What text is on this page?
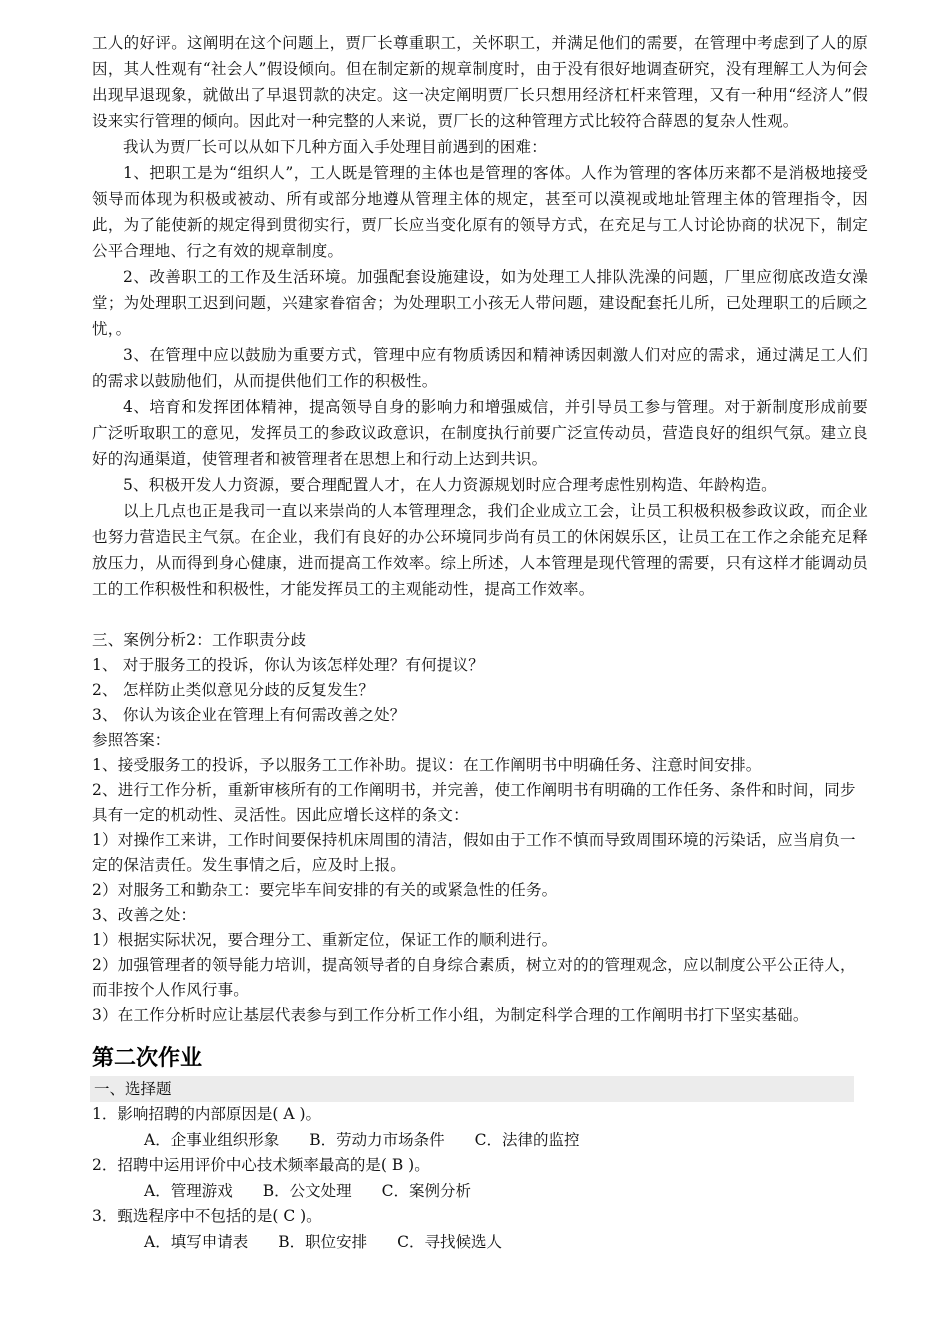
工人的好评。这阐明在这个问题上，贾厂长尊重职工，关怀职工，并满足他们的需要，在管理中考虑到了人的原因，其人性观有“社会人”假设倾向。但在制定新的规章制度时，由于没有很好地调查研究，没有理解工人为何会出现早退现象，就做出了早退罚款的决定。这一决定阐明贾厂长只想用经济杠杆来管理，又有一种用“经济人”假设来实行管理的倾向。因此对一种完整的人来说，贾厂长的这种管理方式比较符合薛恩的复杂人性观。

我认为贾厂长可以从如下几种方面入手处理目前遇到的困难：

1、把职工是为“组织人”，工人既是管理的主体也是管理的客体。人作为管理的客体历来都不是消极地接受领导而体现为积极或被动、所有或部分地遵从管理主体的规定，甚至可以漠视或地址管理主体的管理指令，因此，为了能使新的规定得到贯彻实行，贾厂长应当变化原有的领导方式，在充足与工人讨论协商的状况下，制定公平合理地、行之有效的规章制度。

2、改善职工的工作及生活环境。加强配套设施建设，如为处理工人排队洗澡的问题，厂里应彻底改造女澡堂；为处理职工迟到问题，兴建家眷宿舍；为处理职工小孩无人带问题，建设配套托儿所，已处理职工的后顾之忧，。

3、在管理中应以鼓励为重要方式，管理中应有物质诱因和精神诱因刺激人们对应的需求，通过满足工人们的需求以鼓励他们，从而提供他们工作的积极性。

4、培育和发挥团体精神，提高领导自身的影响力和增强威信，并引导员工参与管理。对于新制度形成前要广泛听取职工的意见，发挥员工的参政议政意识，在制度执行前要广泛宣传动员，营造良好的组织气氛。建立良好的沟通渠道，使管理者和被管理者在思想上和行动上达到共识。

5、积极开发人力资源，要合理配置人才，在人力资源规划时应合理考虑性别构造、年龄构造。

以上几点也正是我司一直以来崇尚的人本管理理念，我们企业成立工会，让员工积极积极参政议政，而企业也努力营造民主气氛。在企业，我们有良好的办公环境同步尚有员工的休闲娱乐区，让员工在工作之余能充足释放压力，从而得到身心健康，进而提高工作效率。综上所述，人本管理是现代管理的需要，只有这样才能调动员工的工作积极性和积极性，才能发挥员工的主观能动性，提高工作效率。

三、案例分析2：工作职责分歧

1、 对于服务工的投诉，你认为该怎样处理？有何提议？

2、 怎样防止类似意见分歧的反复发生？

3、 你认为该企业在管理上有何需改善之处？

参照答案：

1、接受服务工的投诉，予以服务工工作补助。提议：在工作阐明书中明确任务、注意时间安排。

2、进行工作分析，重新审核所有的工作阐明书，并完善，使工作阐明书有明确的工作任务、条件和时间，同步具有一定的机动性、灵活性。因此应增长这样的条文：

1）对操作工来讲，工作时间要保持机床周围的清洁，假如由于工作不慎而导致周围环境的污染话，应当肩负一定的保洁责任。发生事情之后，应及时上报。

2）对服务工和勤杂工：要完毕车间安排的有关的或紧急性的任务。

3、改善之处：

1）根据实际状况，要合理分工、重新定位，保证工作的顺利进行。

2）加强管理者的领导能力培训，提高领导者的自身综合素质，树立对的的管理观念，应以制度公平公正待人，而非按个人作风行事。

3）在工作分析时应让基层代表参与到工作分析工作小组，为制定科学合理的工作阐明书打下坚实基础。

第二次作业
一、选择题

1．影响招聘的内部原因是( A )。

A．企事业组织形象 B．劳动力市场条件 C．法律的监控

2．招聘中运用评价中心技术频率最高的是( B )。

A．管理游戏 B．公文处理 C．案例分析

3．甄选程序中不包括的是( C )。

A．填写申请表 B．职位安排 C．寻找候选人
